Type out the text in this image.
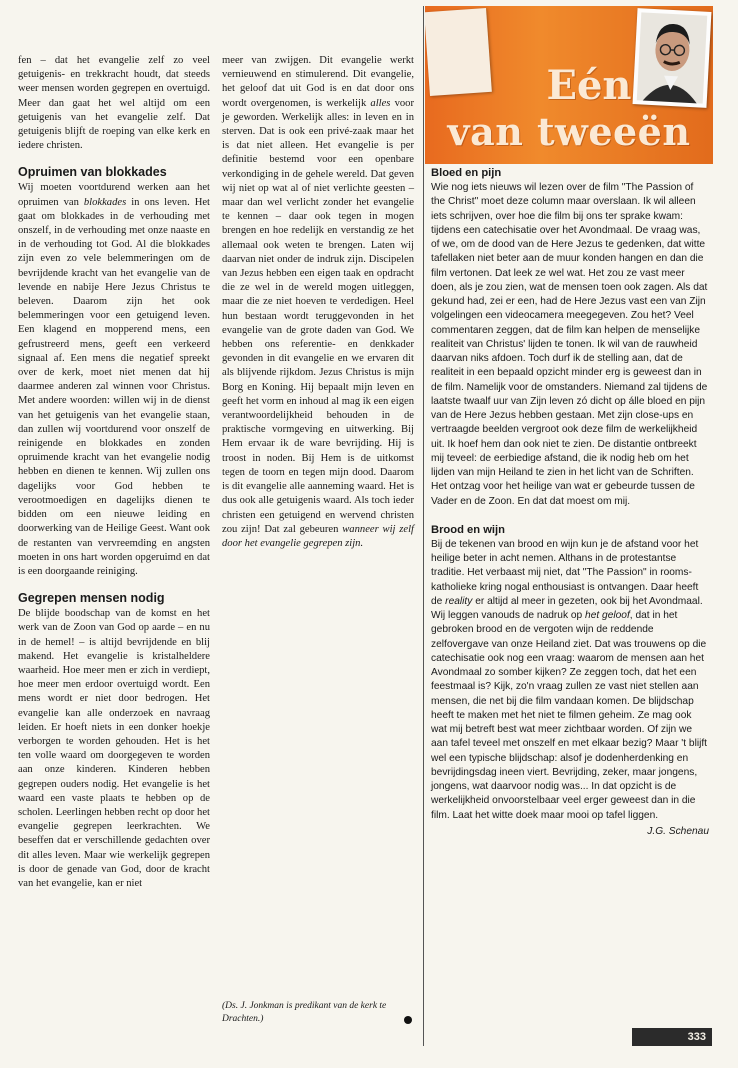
Eén
van tweeën

fen – dat het evangelie zelf zo veel getuigenis- en trekkracht houdt, dat steeds weer mensen worden gegrepen en overtuigd. Meer dan gaat het wel altijd om een getuigenis van het evangelie zelf. Dat getuigenis blijft de roeping van elke kerk en iedere christen.

Opruimen van blokkades

Wij moeten voortdurend werken aan het opruimen van blokkades in ons leven. Het gaat om blokkades in de verhouding met onszelf, in de verhouding met onze naaste en in de verhouding tot God. Al die blokkades zijn even zo vele belemmeringen om de bevrijdende kracht van het evangelie van de levende en nabije Here Jezus Christus te beleven. Daarom zijn het ook belemmeringen voor een getuigend leven. Een klagend en mopperend mens, een gefrustreerd mens, geeft een verkeerd signaal af. Een mens die negatief spreekt over de kerk, moet niet menen dat hij daarmee anderen zal winnen voor Christus. Met andere woorden: willen wij in de dienst van het getuigenis van het evangelie staan, dan zullen wij voortdurend voor onszelf de reinigende en blokkades en zonden opruimende kracht van het evangelie nodig hebben en dienen te kennen. Wij zullen ons dagelijks voor God hebben te verootmoedigen en dagelijks dienen te bidden om een nieuwe leiding en doorwerking van de Heilige Geest. Want ook de restanten van vervreemding en angsten moeten in ons hart worden opgeruimd en dat is een doorgaande reiniging.

Gegrepen mensen nodig

De blijde boodschap van de komst en het werk van de Zoon van God op aarde – en nu in de hemel! – is altijd bevrijdende en blij makend. Het evangelie is kristalheldere waarheid. Hoe meer men er zich in verdiept, hoe meer men erdoor overtuigd wordt. Een mens wordt er niet door bedrogen. Het evangelie kan alle onderzoek en navraag leiden. Er hoeft niets in een donker hoekje verborgen te worden gehouden. Het is het ten volle waard om doorgegeven te worden aan onze kinderen. Kinderen hebben gegrepen ouders nodig. Het evangelie is het waard een vaste plaats te hebben op de scholen. Leerlingen hebben recht op door het evangelie gegrepen leerkrachten. We beseffen dat er verschillende gedachten over dit alles leven. Maar wie werkelijk gegrepen is door de genade van God, door de kracht van het evangelie, kan er niet

meer van zwijgen. Dit evangelie werkt vernieuwend en stimulerend. Dit evangelie, het geloof dat uit God is en dat door ons wordt overgenomen, is werkelijk alles voor je geworden. Werkelijk alles: in leven en in sterven. Dat is ook een privé-zaak maar het is dat niet alleen. Het evangelie is per definitie bestemd voor een openbare verkondiging in de gehele wereld. Dat geven wij niet op wat al of niet verlichte geesten – maar dan wel verlicht zonder het evangelie te kennen – daar ook tegen in mogen brengen en hoe redelijk en verstandig ze het allemaal ook weten te brengen. Laten wij daarvan niet onder de indruk zijn. Discipelen van Jezus hebben een eigen taak en opdracht die ze wel in de wereld mogen uitleggen, maar die ze niet hoeven te verdedigen. Heel hun bestaan wordt teruggevonden in het evangelie van de grote daden van God. We hebben ons referentie- en denkkader gevonden in dit evangelie en we ervaren dit als blijvende rijkdom. Jezus Christus is mijn Borg en Koning. Hij bepaalt mijn leven en geeft het vorm en inhoud al mag ik een eigen verantwoordelijkheid behouden in de praktische vormgeving en uitwerking. Bij Hem ervaar ik de ware bevrijding. Hij is troost in noden. Bij Hem is de uitkomst tegen de toorn en tegen mijn dood. Daarom is dit evangelie alle aanneming waard. Het is dus ook alle getuigenis waard. Als toch ieder christen een getuigend en wervend christen zou zijn! Dat zal gebeuren wanneer wij zelf door het evangelie gegrepen zijn.

(Ds. J. Jonkman is predikant van de kerk te Drachten.)
Bloed en pijn

Wie nog iets nieuws wil lezen over de film "The Passion of the Christ" moet deze column maar overslaan. Ik wil alleen iets schrijven, over hoe die film bij ons ter sprake kwam: tijdens een catechisatie over het Avondmaal. De vraag was, of we, om de dood van de Here Jezus te gedenken, dat witte tafellaken niet beter aan de muur konden hangen en dan die film vertonen. Dat leek ze wel wat. Het zou ze vast meer doen, als je zou zien, wat de mensen toen ook zagen. Als dat gekund had, zei er een, had de Here Jezus vast een van Zijn volgelingen een videocamera meegegeven. Zou het? Veel commentaren zeggen, dat de film kan helpen de menselijke realiteit van Christus' lijden te tonen. Ik wil van de rauwheid daarvan niks afdoen. Toch durf ik de stelling aan, dat de realiteit in een bepaald opzicht minder erg is geweest dan in de film. Namelijk voor de omstanders. Niemand zal tijdens de laatste twaalf uur van Zijn leven zó dicht op álle bloed en pijn van de Here Jezus hebben gestaan. Met zijn close-ups en vertraagde beelden vergroot ook deze film de werkelijkheid uit. Ik hoef hem dan ook niet te zien. De distantie ontbreekt mij teveel: de eerbiedige afstand, die ik nodig heb om het lijden van mijn Heiland te zien in het licht van de Schriften. Het ontzag voor het heilige van wat er gebeurde tussen de Vader en de Zoon. En dat dat moest om mij.

Brood en wijn

Bij de tekenen van brood en wijn kun je de afstand voor het heilige beter in acht nemen. Althans in de protestantse traditie. Het verbaast mij niet, dat "The Passion" in rooms-katholieke kring nogal enthousiast is ontvangen. Daar heeft de reality er altijd al meer in gezeten, ook bij het Avondmaal. Wij leggen vanouds de nadruk op het geloof, dat in het gebroken brood en de vergoten wijn de reddende zelfovergave van onze Heiland ziet. Dat was trouwens op die catechisatie ook nog een vraag: waarom de mensen aan het Avondmaal zo somber kijken? Ze zeggen toch, dat het een feestmaal is? Kijk, zo'n vraag zullen ze vast niet stellen aan mensen, die net bij die film vandaan komen. De blijdschap heeft te maken met het niet te filmen geheim. Ze mag ook wat mij betreft best wat meer zichtbaar worden. Of zijn we aan tafel teveel met onszelf en met elkaar bezig? Maar 't blijft wel een typische blijdschap: alsof je dodenherdenking en bevrijdingsdag ineen viert. Bevrijding, zeker, maar jongens, jongens, wat daarvoor nodig was... In dat opzicht is de werkelijkheid onvoorstelbaar veel erger geweest dan in die film. Laat het witte doek maar mooi op tafel liggen.

J.G. Schenau
333
